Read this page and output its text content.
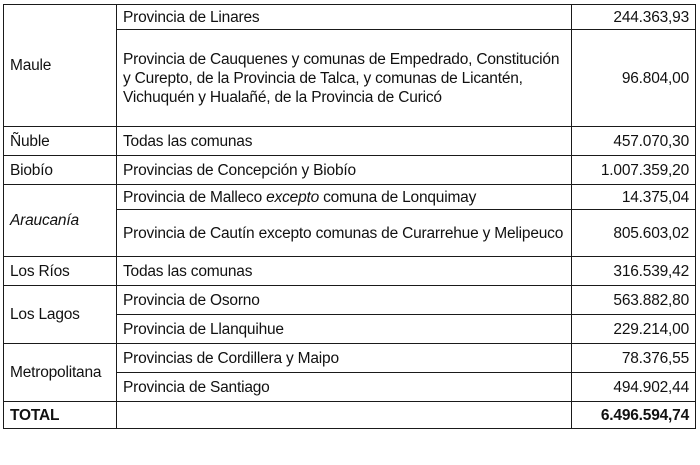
Maule	Provincia de Linares	244.363,93
	Provincia de Cauquenes y comunas de Empedrado, Constitución y Curepto, de la Provincia de Talca, y comunas de Licantén, Vichuquén y Hualañé, de la Provincia de Curicó	96.804,00
Ñuble	Todas las comunas	457.070,30
Biobío	Provincias de Concepción y Biobío	1.007.359,20
Araucanía	Provincia de Malleco excepto comuna de Lonquimay	14.375,04
	Provincia de Cautín excepto comunas de Curarrehue y Melipeuco	805.603,02
Los Ríos	Todas las comunas	316.539,42
Los Lagos	Provincia de Osorno	563.882,80
	Provincia de Llanquihue	229.214,00
Metropolitana	Provincias de Cordillera y Maipo	78.376,55
	Provincia de Santiago	494.902,44
TOTAL		6.496.594,74
